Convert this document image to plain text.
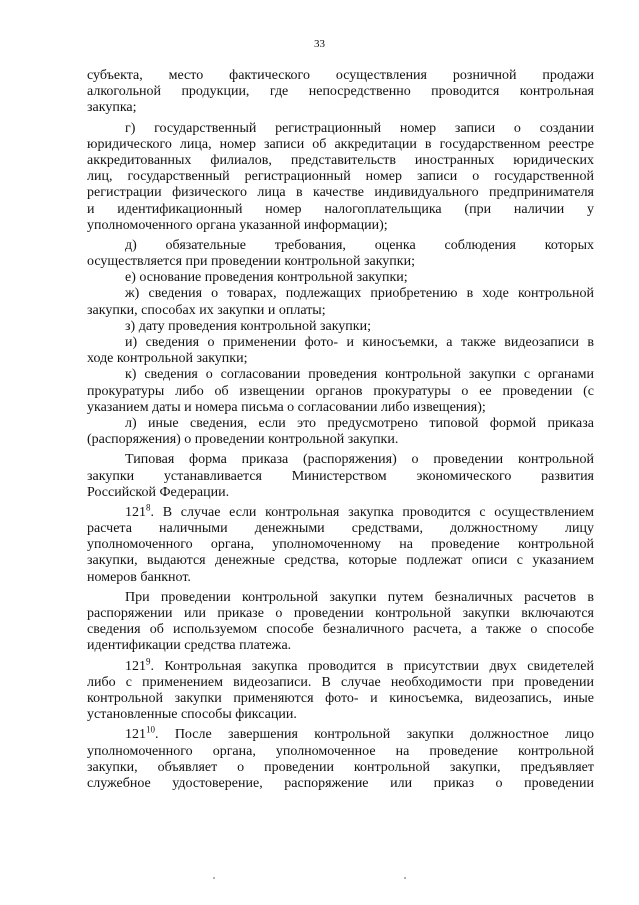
33
субъекта, место фактического осуществления розничной продажи
алкогольной продукции, где непосредственно проводится контрольная
закупка;
г) государственный регистрационный номер записи о создании
юридического лица, номер записи об аккредитации в государственном реестре
аккредитованных филиалов, представительств иностранных юридических
лиц, государственный регистрационный номер записи о государственной
регистрации физического лица в качестве индивидуального предпринимателя
и идентификационный номер налогоплательщика (при наличии у
уполномоченного органа указанной информации);
д) обязательные требования, оценка соблюдения которых
осуществляется при проведении контрольной закупки;
е) основание проведения контрольной закупки;
ж) сведения о товарах, подлежащих приобретению в ходе контрольной
закупки, способах их закупки и оплаты;
з) дату проведения контрольной закупки;
и) сведения о применении фото- и киносъемки, а также видеозаписи в
ходе контрольной закупки;
к) сведения о согласовании проведения контрольной закупки с органами
прокуратуры либо об извещении органов прокуратуры о ее проведении (с
указанием даты и номера письма о согласовании либо извещения);
л) иные сведения, если это предусмотрено типовой формой приказа
(распоряжения) о проведении контрольной закупки.
Типовая форма приказа (распоряжения) о проведении контрольной
закупки устанавливается Министерством экономического развития
Российской Федерации.
$121^8$. В случае если контрольная закупка проводится с осуществлением
расчета наличными денежными средствами, должностному лицу
уполномоченного органа, уполномоченному на проведение контрольной
закупки, выдаются денежные средства, которые подлежат описи с указанием
номеров банкнот.
При проведении контрольной закупки путем безналичных расчетов в
распоряжении или приказе о проведении контрольной закупки включаются
сведения об используемом способе безналичного расчета, а также о способе
идентификации средства платежа.
$121^9$. Контрольная закупка проводится в присутствии двух свидетелей
либо с применением видеозаписи. В случае необходимости при проведении
контрольной закупки применяются фото- и киносъемка, видеозапись, иные
установленные способы фиксации.
$121^{10}$. После завершения контрольной закупки должностное лицо
уполномоченного органа, уполномоченное на проведение контрольной
закупки, объявляет о проведении контрольной закупки, предъявляет
служебное удостоверение, распоряжение или приказ о проведении
